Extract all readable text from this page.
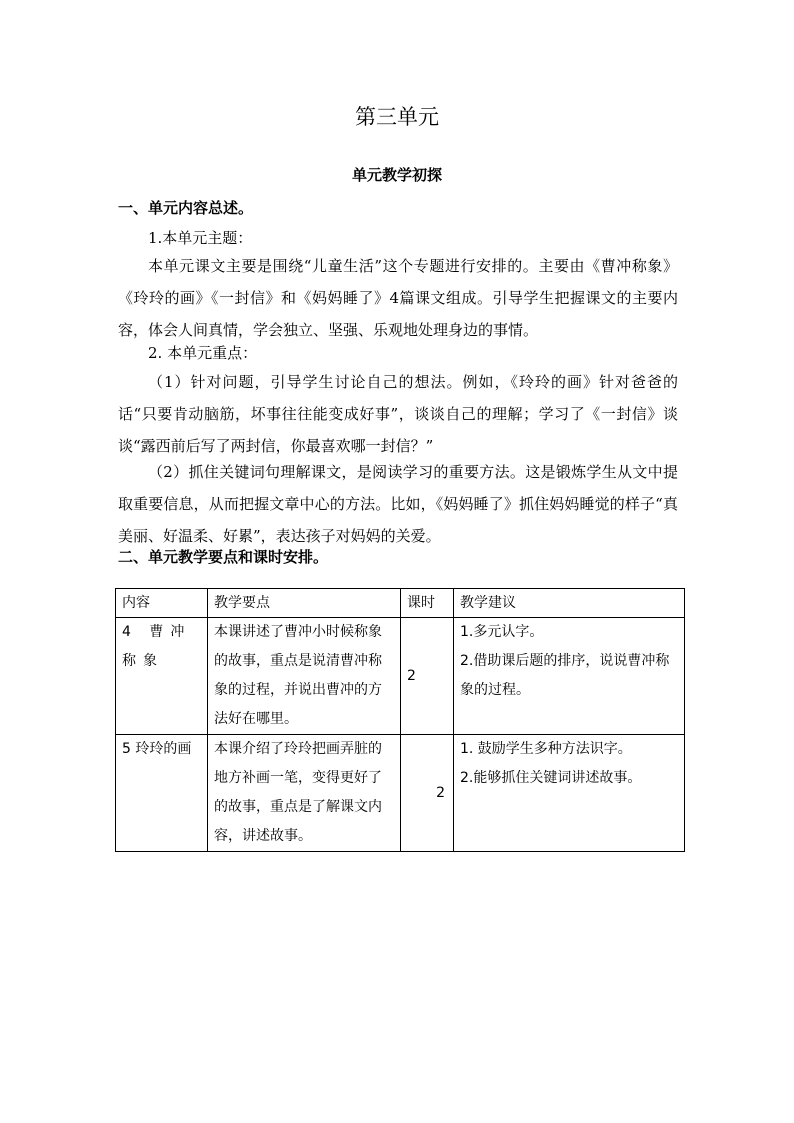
第三单元
单元教学初探
一、单元内容总述。
1.本单元主题：

本单元课文主要是围绕“儿童生活”这个专题进行安排的。主要由《曹冲称象》《玲玲的画》《一封信》和《妈妈睡了》4篇课文组成。引导学生把握课文的主要内容，体会人间真情，学会独立、坚强、乐观地处理身边的事情。

2. 本单元重点：

（1）针对问题，引导学生讨论自己的想法。例如，《玲玲的画》针对爸爸的话“只要肯动脑筋，坏事往往能变成好事”，谈谈自己的理解；学习了《一封信》谈谈“露西前后写了两封信，你最喜欢哪一封信？”

（2）抓住关键词句理解课文，是阅读学习的重要方法。这是锻炼学生从文中提取重要信息，从而把握文章中心的方法。比如，《妈妈睡了》抓住妈妈睡觉的样子“真美丽、好温柔、好累”，表达孩子对妈妈的关爱。

二、单元教学要点和课时安排。
内容	教学要点	课时	教学建议
4 曹冲称象	本课讲述了曹冲小时候称象的故事，重点是说清曹冲称象的过程，并说出曹冲的方法好在哪里。	2	1.多元认字。
2.借助课后题的排序，说说曹冲称象的过程。

5 玲玲的画	本课介绍了玲玲把画弄脏的地方补画一笔，变得更好了的故事，重点是了解课文内容，讲述故事。	2	1. 鼓励学生多种方法识字。
2.能够抓住关键词讲述故事。
